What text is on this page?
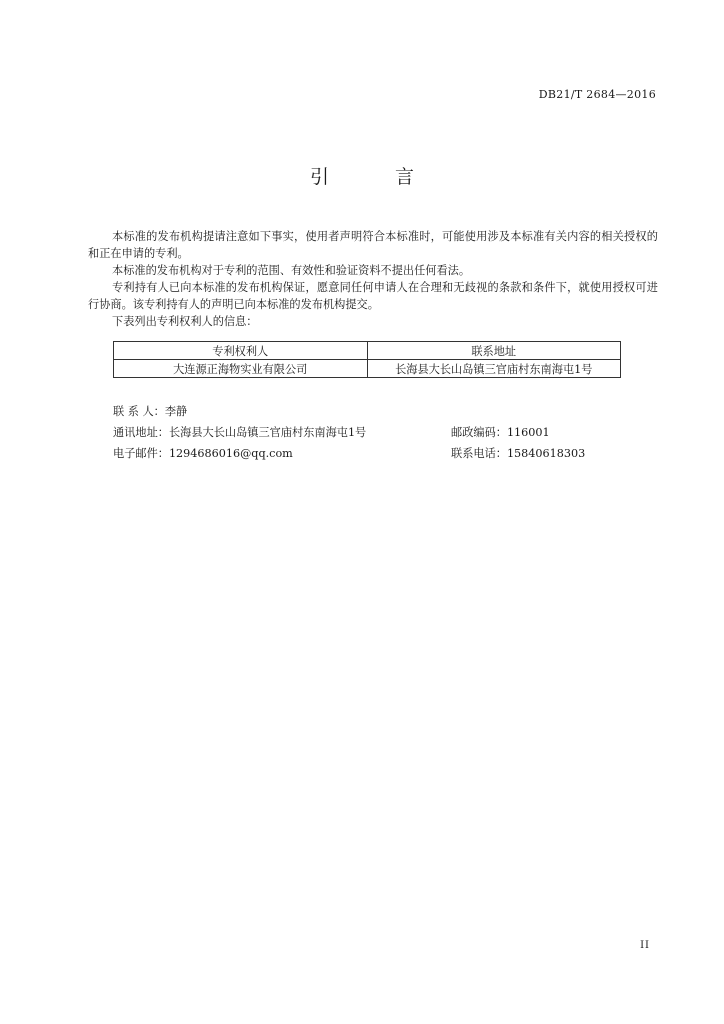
DB21/T 2684—2016
引 言

本标准的发布机构提请注意如下事实，使用者声明符合本标准时，可能使用涉及本标准有关内容的相关授权的和正在申请的专利。

本标准的发布机构对于专利的范围、有效性和验证资料不提出任何看法。

专利持有人已向本标准的发布机构保证，愿意同任何申请人在合理和无歧视的条款和条件下，就使用授权可进行协商。该专利持有人的声明已向本标准的发布机构提交。

下表列出专利权利人的信息：

专利权利人	联系地址
大连源正海物实业有限公司	长海县大长山岛镇三官庙村东南海屯1号
联 系 人：李静
通讯地址：长海县大长山岛镇三官庙村东南海屯1号	邮政编码：116001
电子邮件：1294686016@qq.com	联系电话：15840618303
II
